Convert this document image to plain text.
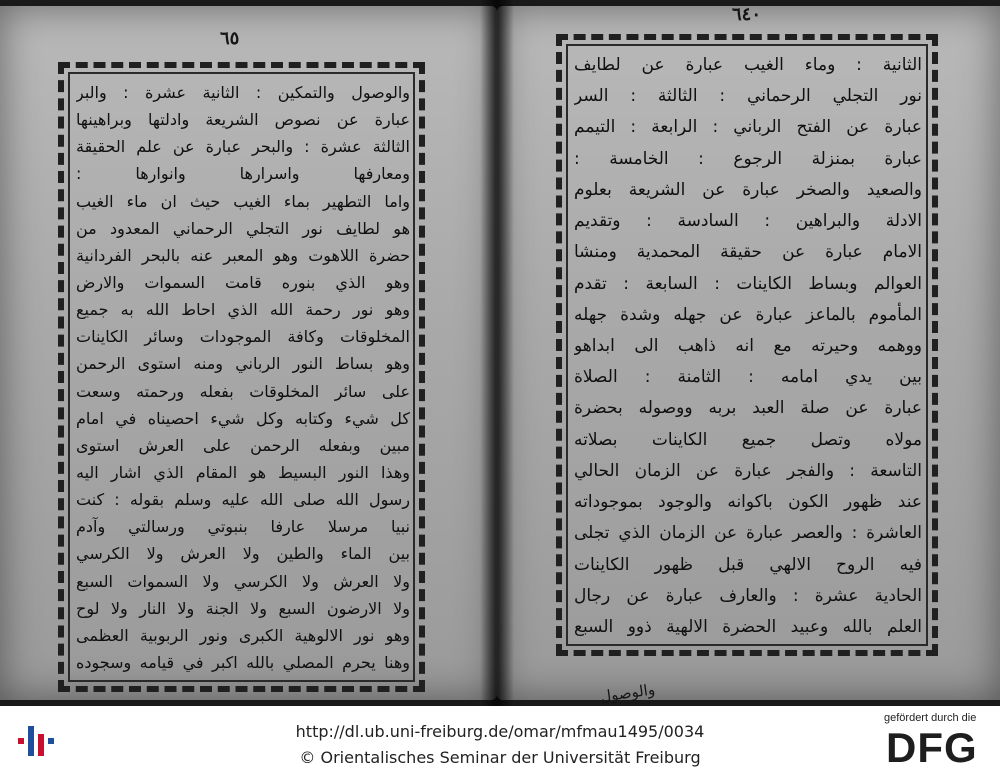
٦٥
٦٤٠
والوصول والتمكين : الثانية عشرة : والبر
عبارة عن نصوص الشريعة وادلتها وبراهينها
الثالثة عشرة : والبحر عبارة عن علم الحقيقة
ومعارفها واسرارها وانوارها :
واما التطهير بماء الغيب حيث ان ماء الغيب
هو لطايف نور التجلي الرحماني المعدود من
حضرة اللاهوت وهو المعبر عنه بالبحر الفردانية
وهو الذي بنوره قامت السموات والارض
وهو نور رحمة الله الذي احاط الله به جميع
المخلوقات وكافة الموجودات وسائر الكاينات
وهو بساط النور الرباني ومنه استوى الرحمن
على سائر المخلوقات بفعله ورحمته وسعت
كل شيء وكتابه وكل شيء احصيناه في امام
مبين وبفعله الرحمن على العرش استوى
وهذا النور البسيط هو المقام الذي اشار اليه
رسول الله صلى الله عليه وسلم بقوله : كنت
نبيا مرسلا عارفا بنبوتي ورسالتي وآدم
بين الماء والطين ولا العرش ولا الكرسي
ولا العرش ولا الكرسي ولا السموات السبع
ولا الارضون السبع ولا الجنة ولا النار ولا لوح
وهو نور الالوهية الكبرى ونور الربوبية العظمى
وهنا يحرم المصلي بالله اكبر في قيامه وسجوده
الثانية : وماء الغيب عبارة عن لطايف
نور التجلي الرحماني : الثالثة : السر
عبارة عن الفتح الرباني : الرابعة : التيمم
عبارة بمنزلة الرجوع : الخامسة :
والصعيد والصخر عبارة عن الشريعة بعلوم
الادلة والبراهين : السادسة : وتقديم
الامام عبارة عن حقيقة المحمدية ومنشا
العوالم وبساط الكاينات : السابعة : تقدم
المأموم بالماعز عبارة عن جهله وشدة جهله
ووهمه وحيرته مع انه ذاهب الى ابداهو
بين يدي امامه : الثامنة : الصلاة
عبارة عن صلة العبد بربه ووصوله بحضرة
مولاه وتصل جميع الكاينات بصلاته
التاسعة : والفجر عبارة عن الزمان الحالي
عند ظهور الكون باكوانه والوجود بموجوداته
العاشرة : والعصر عبارة عن الزمان الذي تجلى
فيه الروح الالهي قبل ظهور الكاينات
الحادية عشرة : والعارف عبارة عن رجال
العلم بالله وعبيد الحضرة الالهية ذوو السبع
والوصول
http://dl.ub.uni-freiburg.de/omar/mfmau1495/0034
© Orientalisches Seminar der Universität Freiburg
gefördert durch die
DFG
